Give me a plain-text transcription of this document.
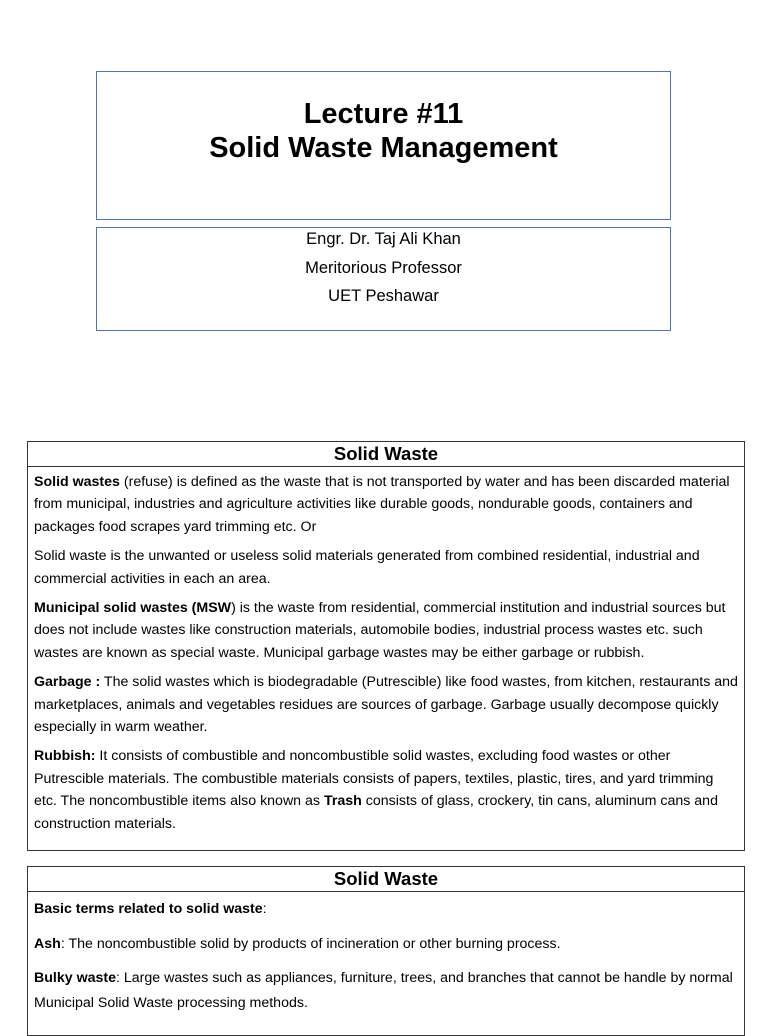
Lecture #11
Solid Waste Management
Engr. Dr. Taj Ali Khan
Meritorious Professor
UET Peshawar
Solid Waste

Solid wastes (refuse) is defined as the waste that is not transported by water and has been discarded material from municipal, industries and agriculture activities like durable goods, nondurable goods, containers and packages food scrapes yard trimming etc. Or

Solid waste is the unwanted or useless solid materials generated from combined residential, industrial and commercial activities in each an area.

Municipal solid wastes (MSW) is the waste from residential, commercial institution and industrial sources but does not include wastes like construction materials, automobile bodies, industrial process wastes etc. such wastes are known as special waste. Municipal garbage wastes may be either garbage or rubbish.

Garbage : The solid wastes which is biodegradable (Putrescible) like food wastes, from kitchen, restaurants and marketplaces, animals and vegetables residues are sources of garbage. Garbage usually decompose quickly especially in warm weather.

Rubbish: It consists of combustible and noncombustible solid wastes, excluding food wastes or other Putrescible materials. The combustible materials consists of papers, textiles, plastic, tires, and yard trimming etc. The noncombustible items also known as Trash consists of glass, crockery, tin cans, aluminum cans and construction materials.

Solid Waste

Basic terms related to solid waste:

Ash: The noncombustible solid by products of incineration or other burning process.

Bulky waste: Large wastes such as appliances, furniture, trees, and branches that cannot be handle by normal Municipal Solid Waste processing methods.
